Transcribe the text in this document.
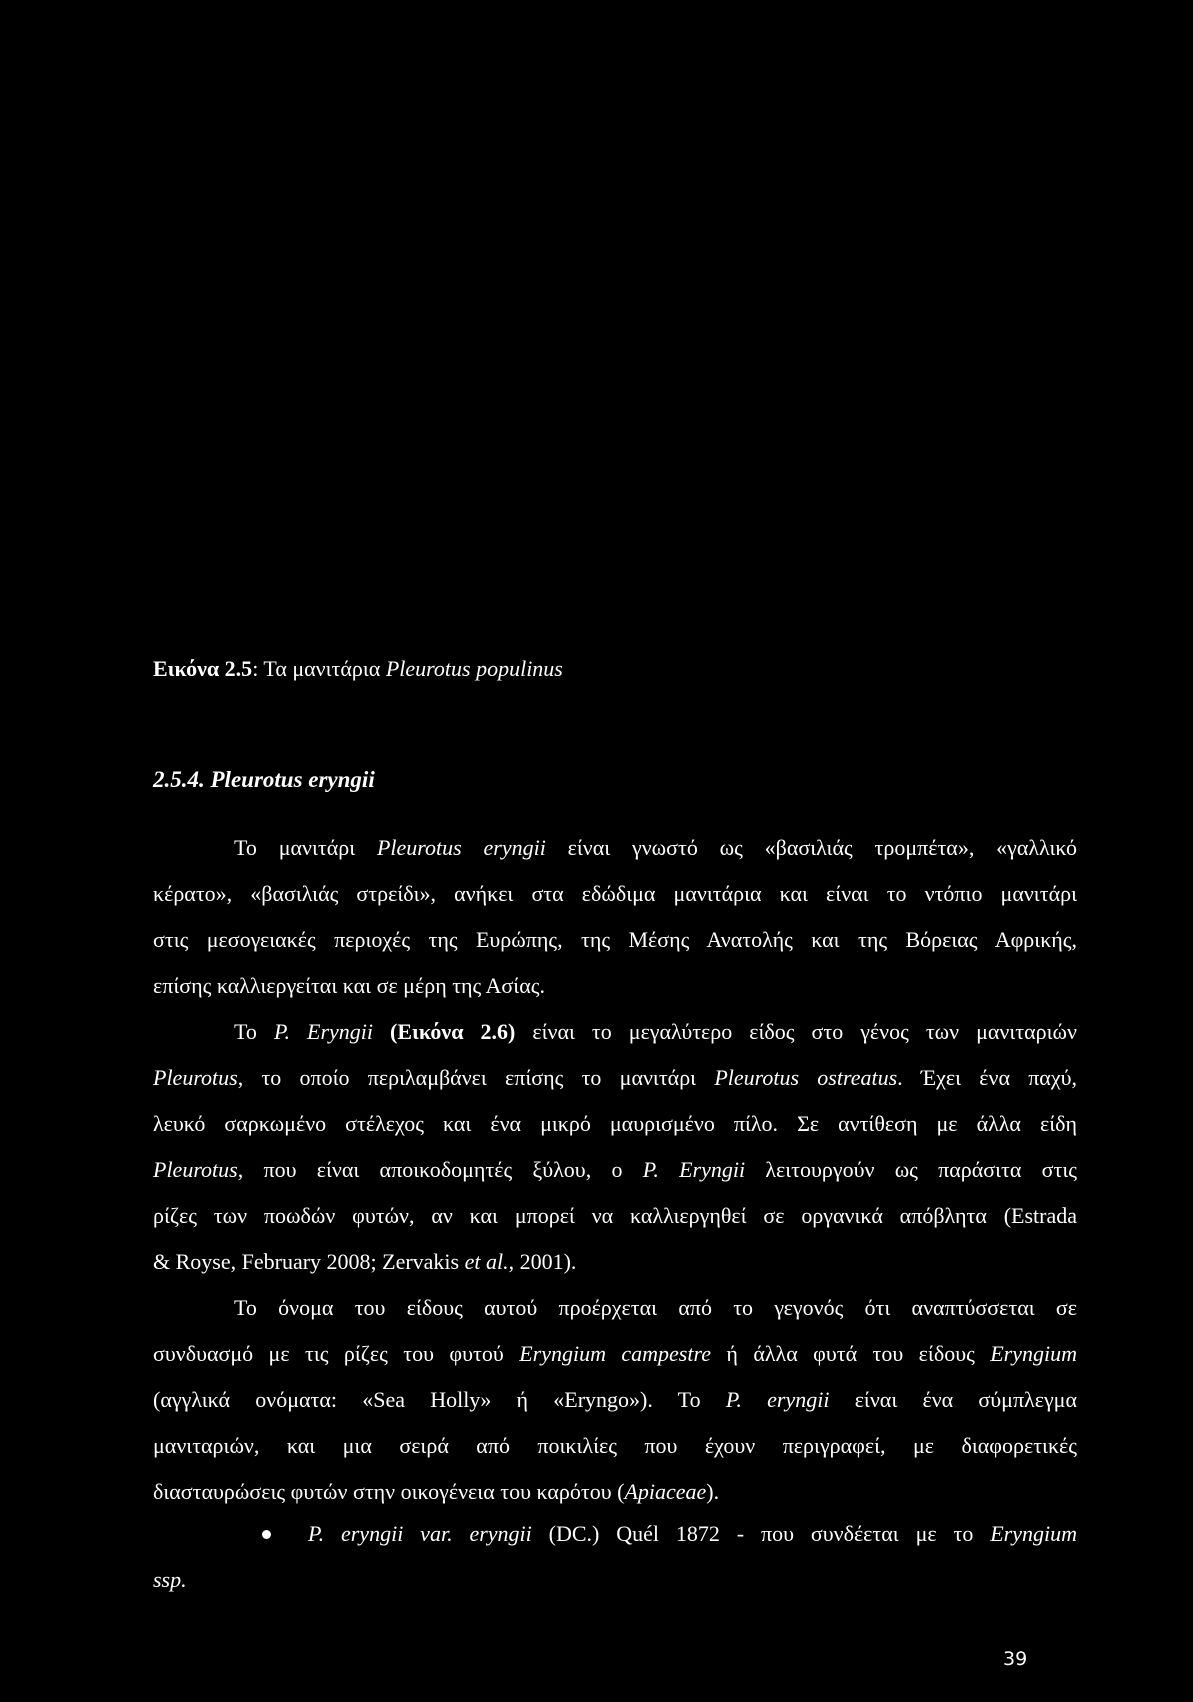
Εικόνα 2.5: Τα μανιτάρια Pleurotus populinus
2.5.4. Pleurotus eryngii
Το μανιτάρι Pleurotus eryngii είναι γνωστό ως «βασιλιάς τρομπέτα», «γαλλικό
κέρατο», «βασιλιάς στρείδι», ανήκει στα εδώδιμα μανιτάρια και είναι το ντόπιο μανιτάρι
στις μεσογειακές περιοχές της Ευρώπης, της Μέσης Ανατολής και της Βόρειας Αφρικής,
επίσης καλλιεργείται και σε μέρη της Ασίας.
Το P. Eryngii (Εικόνα 2.6) είναι το μεγαλύτερο είδος στο γένος των μανιταριών
Pleurotus, το οποίο περιλαμβάνει επίσης το μανιτάρι Pleurotus ostreatus. Έχει ένα παχύ,
λευκό σαρκωμένο στέλεχος και ένα μικρό μαυρισμένο πίλο. Σε αντίθεση με άλλα είδη
Pleurotus, που είναι αποικοδομητές ξύλου, ο P. Eryngii λειτουργούν ως παράσιτα στις
ρίζες των ποωδών φυτών, αν και μπορεί να καλλιεργηθεί σε οργανικά απόβλητα (Estrada
& Royse, February 2008; Zervakis et al., 2001).
Το όνομα του είδους αυτού προέρχεται από το γεγονός ότι αναπτύσσεται σε
συνδυασμό με τις ρίζες του φυτού Eryngium campestre ή άλλα φυτά του είδους Eryngium
(αγγλικά ονόματα: «Sea Holly» ή «Eryngo»). Το P. eryngii είναι ένα σύμπλεγμα
μανιταριών, και μια σειρά από ποικιλίες που έχουν περιγραφεί, με διαφορετικές
διασταυρώσεις φυτών στην οικογένεια του καρότου (Apiaceae).
P. eryngii var. eryngii (DC.) Quél 1872 - που συνδέεται με το Eryngium
ssp.
39
